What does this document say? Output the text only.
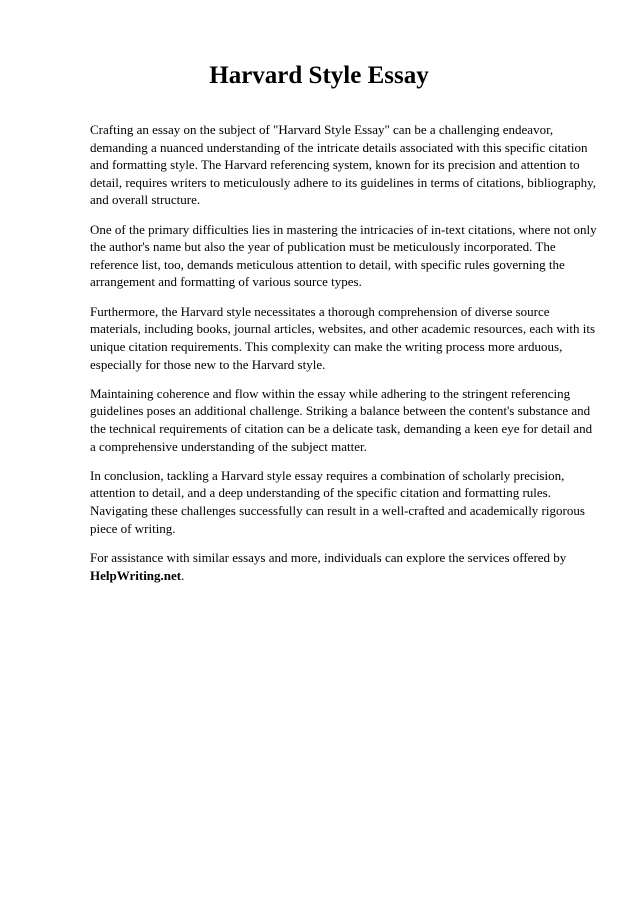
Harvard Style Essay

Crafting an essay on the subject of "Harvard Style Essay" can be a challenging endeavor, demanding a nuanced understanding of the intricate details associated with this specific citation and formatting style. The Harvard referencing system, known for its precision and attention to detail, requires writers to meticulously adhere to its guidelines in terms of citations, bibliography, and overall structure.

One of the primary difficulties lies in mastering the intricacies of in-text citations, where not only the author's name but also the year of publication must be meticulously incorporated. The reference list, too, demands meticulous attention to detail, with specific rules governing the arrangement and formatting of various source types.

Furthermore, the Harvard style necessitates a thorough comprehension of diverse source materials, including books, journal articles, websites, and other academic resources, each with its unique citation requirements. This complexity can make the writing process more arduous, especially for those new to the Harvard style.

Maintaining coherence and flow within the essay while adhering to the stringent referencing guidelines poses an additional challenge. Striking a balance between the content's substance and the technical requirements of citation can be a delicate task, demanding a keen eye for detail and a comprehensive understanding of the subject matter.

In conclusion, tackling a Harvard style essay requires a combination of scholarly precision, attention to detail, and a deep understanding of the specific citation and formatting rules. Navigating these challenges successfully can result in a well-crafted and academically rigorous piece of writing.

For assistance with similar essays and more, individuals can explore the services offered by HelpWriting.net.
